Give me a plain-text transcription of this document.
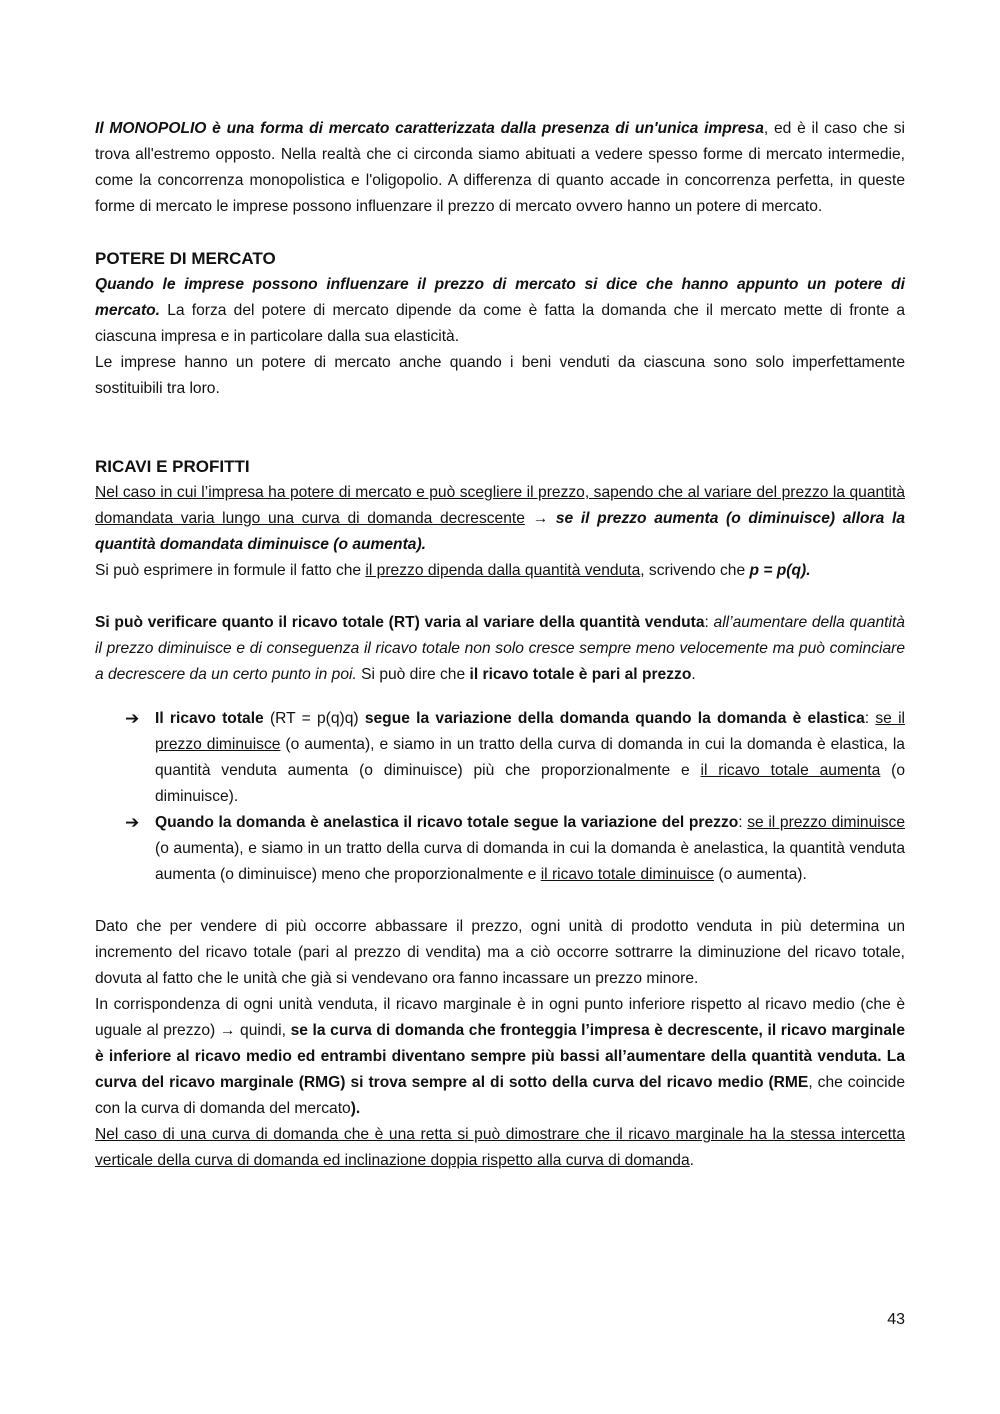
Il MONOPOLIO è una forma di mercato caratterizzata dalla presenza di un'unica impresa, ed è il caso che si trova all'estremo opposto. Nella realtà che ci circonda siamo abituati a vedere spesso forme di mercato intermedie, come la concorrenza monopolistica e l'oligopolio. A differenza di quanto accade in concorrenza perfetta, in queste forme di mercato le imprese possono influenzare il prezzo di mercato ovvero hanno un potere di mercato.

POTERE DI MERCATO

Quando le imprese possono influenzare il prezzo di mercato si dice che hanno appunto un potere di mercato. La forza del potere di mercato dipende da come è fatta la domanda che il mercato mette di fronte a ciascuna impresa e in particolare dalla sua elasticità.

Le imprese hanno un potere di mercato anche quando i beni venduti da ciascuna sono solo imperfettamente sostituibili tra loro.

RICAVI E PROFITTI

Nel caso in cui l’impresa ha potere di mercato e può scegliere il prezzo, sapendo che al variare del prezzo la quantità domandata varia lungo una curva di domanda decrescente → se il prezzo aumenta (o diminuisce) allora la quantità domandata diminuisce (o aumenta).

Si può esprimere in formule il fatto che il prezzo dipenda dalla quantità venduta, scrivendo che p = p(q).

Si può verificare quanto il ricavo totale (RT) varia al variare della quantità venduta: all’aumentare della quantità il prezzo diminuisce e di conseguenza il ricavo totale non solo cresce sempre meno velocemente ma può cominciare a decrescere da un certo punto in poi. Si può dire che il ricavo totale è pari al prezzo.

➔ Il ricavo totale (RT = p(q)q) segue la variazione della domanda quando la domanda è elastica: se il prezzo diminuisce (o aumenta), e siamo in un tratto della curva di domanda in cui la domanda è elastica, la quantità venduta aumenta (o diminuisce) più che proporzionalmente e il ricavo totale aumenta (o diminuisce).
➔ Quando la domanda è anelastica il ricavo totale segue la variazione del prezzo: se il prezzo diminuisce (o aumenta), e siamo in un tratto della curva di domanda in cui la domanda è anelastica, la quantità venduta aumenta (o diminuisce) meno che proporzionalmente e il ricavo totale diminuisce (o aumenta).

Dato che per vendere di più occorre abbassare il prezzo, ogni unità di prodotto venduta in più determina un incremento del ricavo totale (pari al prezzo di vendita) ma a ciò occorre sottrarre la diminuzione del ricavo totale, dovuta al fatto che le unità che già si vendevano ora fanno incassare un prezzo minore.

In corrispondenza di ogni unità venduta, il ricavo marginale è in ogni punto inferiore rispetto al ricavo medio (che è uguale al prezzo) → quindi, se la curva di domanda che fronteggia l’impresa è decrescente, il ricavo marginale è inferiore al ricavo medio ed entrambi diventano sempre più bassi all’aumentare della quantità venduta. La curva del ricavo marginale (RMG) si trova sempre al di sotto della curva del ricavo medio (RME, che coincide con la curva di domanda del mercato).

Nel caso di una curva di domanda che è una retta si può dimostrare che il ricavo marginale ha la stessa intercetta verticale della curva di domanda ed inclinazione doppia rispetto alla curva di domanda.

43
